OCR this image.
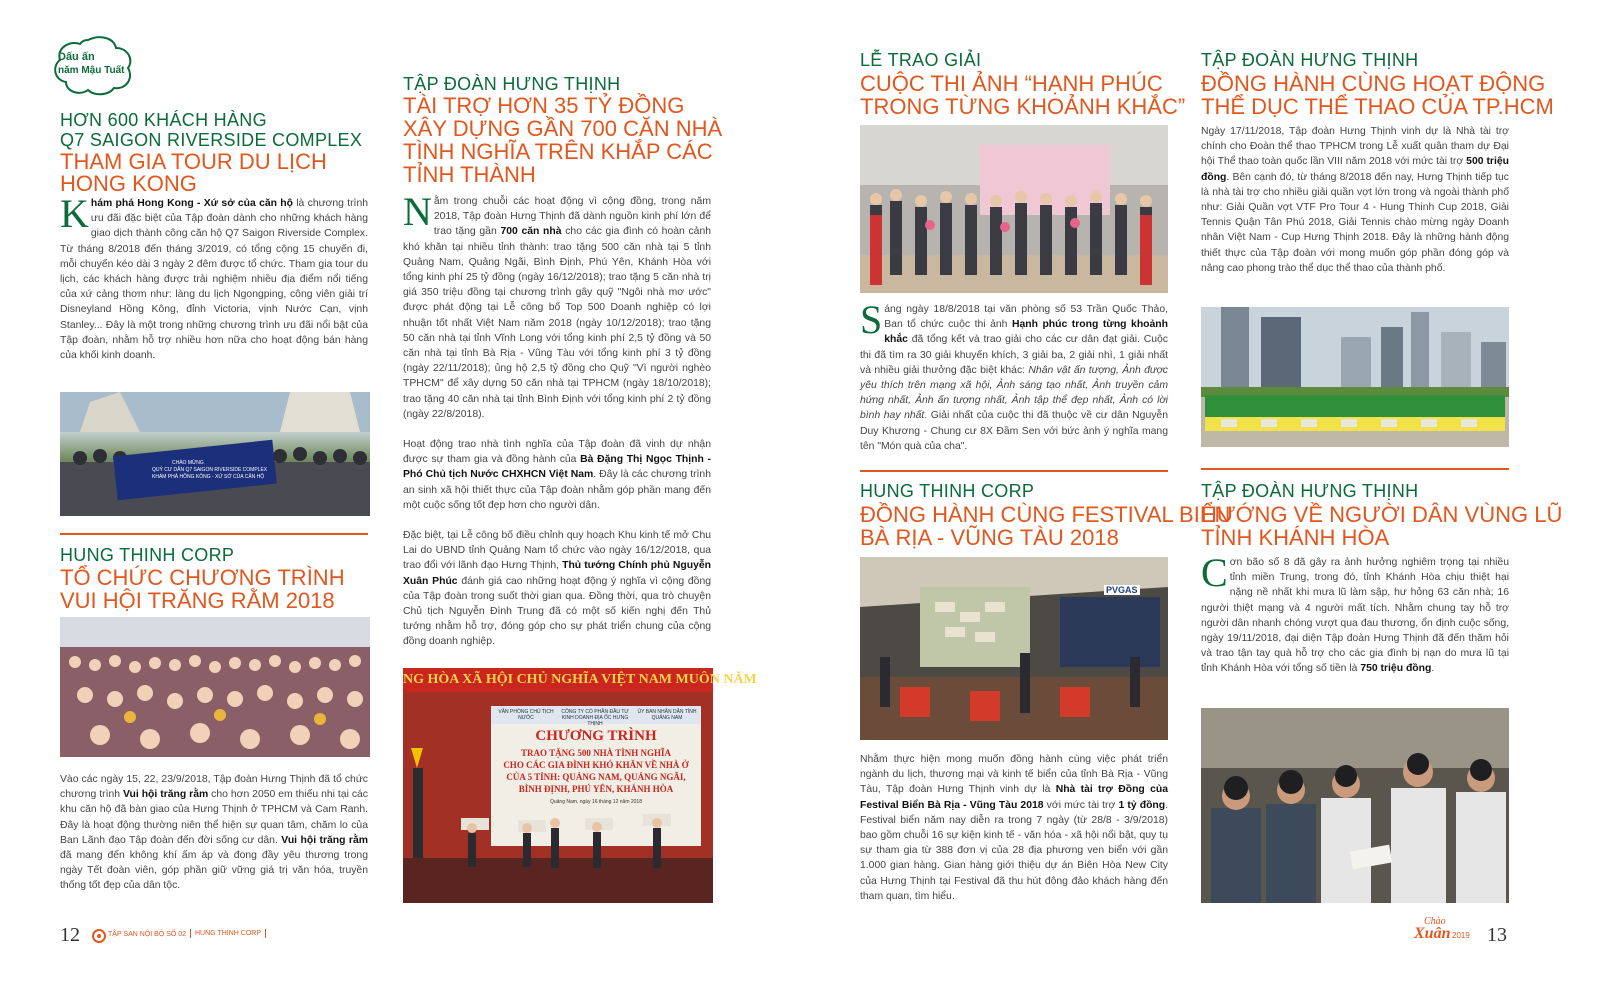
Dấu ấn
năm Mậu Tuất
HƠN 600 KHÁCH HÀNG
Q7 SAIGON RIVERSIDE COMPLEX
THAM GIA TOUR DU LỊCH
HONG KONG
Khám phá Hong Kong - Xứ sở của căn hộ là chương trình ưu đãi đặc biệt của Tập đoàn dành cho những khách hàng giao dịch thành công căn hộ Q7 Saigon Riverside Complex. Từ tháng 8/2018 đến tháng 3/2019, có tổng cộng 15 chuyến đi, mỗi chuyến kéo dài 3 ngày 2 đêm được tổ chức. Tham gia tour du lịch, các khách hàng được trải nghiệm nhiều địa điểm nổi tiếng của xứ cảng thơm như: làng du lịch Ngongping, công viên giải trí Disneyland Hồng Kông, đỉnh Victoria, vịnh Nước Cạn, vịnh Stanley... Đây là một trong những chương trình ưu đãi nổi bật của Tập đoàn, nhằm hỗ trợ nhiều hơn nữa cho hoạt động bán hàng của khối kinh doanh.
CHÀO MỪNG
QUÝ CƯ DÂN Q7 SAIGON RIVERSIDE COMPLEX
KHÁM PHÁ HỒNG KÔNG - XỨ SỞ CỦA CĂN HỘ
HUNG THINH CORP
TỔ CHỨC CHƯƠNG TRÌNH
VUI HỘI TRĂNG RẰM 2018
Vào các ngày 15, 22, 23/9/2018, Tập đoàn Hưng Thịnh đã tổ chức chương trình Vui hội trăng rằm cho hơn 2050 em thiếu nhi tại các khu căn hộ đã bàn giao của Hưng Thịnh ở TPHCM và Cam Ranh. Đây là hoạt động thường niên thể hiện sự quan tâm, chăm lo của Ban Lãnh đạo Tập đoàn đến đời sống cư dân. Vui hội trăng rằm đã mang đến không khí ấm áp và đong đầy yêu thương trong ngày Tết đoàn viên, góp phần giữ vững giá trị văn hóa, truyền thống tốt đẹp của dân tộc.
TẬP ĐOÀN HƯNG THỊNH
TÀI TRỢ HƠN 35 TỶ ĐỒNG
XÂY DỰNG GẦN 700 CĂN NHÀ
TÌNH NGHĨA TRÊN KHẮP CÁC
TỈNH THÀNH

Nằm trong chuỗi các hoạt động vì cộng đồng, trong năm 2018, Tập đoàn Hưng Thịnh đã dành nguồn kinh phí lớn để trao tặng gần 700 căn nhà cho các gia đình có hoàn cảnh khó khăn tại nhiều tỉnh thành: trao tặng 500 căn nhà tại 5 tỉnh Quảng Nam, Quảng Ngãi, Bình Định, Phú Yên, Khánh Hòa với tổng kinh phí 25 tỷ đồng (ngày 16/12/2018); trao tặng 5 căn nhà trị giá 350 triệu đồng tại chương trình gây quỹ "Ngôi nhà mơ ước" được phát động tại Lễ công bố Top 500 Doanh nghiệp có lợi nhuận tốt nhất Việt Nam năm 2018 (ngày 10/12/2018); trao tặng 50 căn nhà tại tỉnh Vĩnh Long với tổng kinh phí 2,5 tỷ đồng và 50 căn nhà tại tỉnh Bà Rịa - Vũng Tàu với tổng kinh phí 3 tỷ đồng (ngày 22/11/2018); ủng hộ 2,5 tỷ đồng cho Quỹ "Vì người nghèo TPHCM" để xây dựng 50 căn nhà tại TPHCM (ngày 18/10/2018); trao tặng 40 căn nhà tại tỉnh Bình Định với tổng kinh phí 2 tỷ đồng (ngày 22/8/2018).

Hoạt động trao nhà tình nghĩa của Tập đoàn đã vinh dự nhận được sự tham gia và đồng hành của Bà Đặng Thị Ngọc Thịnh - Phó Chủ tịch Nước CHXHCN Việt Nam. Đây là các chương trình an sinh xã hội thiết thực của Tập đoàn nhằm góp phần mang đến một cuộc sống tốt đẹp hơn cho người dân.

Đặc biệt, tại Lễ công bố điều chỉnh quy hoạch Khu kinh tế mở Chu Lai do UBND tỉnh Quảng Nam tổ chức vào ngày 16/12/2018, qua trao đổi với lãnh đạo Hưng Thịnh, Thủ tướng Chính phủ Nguyễn Xuân Phúc đánh giá cao những hoạt động ý nghĩa vì cộng đồng của Tập đoàn trong suốt thời gian qua. Đồng thời, qua trò chuyện Chủ tịch Nguyễn Đình Trung đã có một số kiến nghị đến Thủ tướng nhằm hỗ trợ, đóng góp cho sự phát triển chung của cộng đồng doanh nghiệp.

NG HÒA XÃ HỘI CHỦ NGHĨA VIỆT NAM MUÔN NĂM
VĂN PHÒNG CHỦ TỊCH NƯỚC
CÔNG TY CỔ PHẦN ĐẦU TƯ KINH DOANH ĐỊA ỐC HƯNG THỊNH
ỦY BAN NHÂN DÂN TỈNH QUẢNG NAM
CHƯƠNG TRÌNH
TRAO TẶNG 500 NHÀ TÌNH NGHĨA
CHO CÁC GIA ĐÌNH KHÓ KHĂN VỀ NHÀ Ở
CỦA 5 TỈNH: QUẢNG NAM, QUẢNG NGÃI,
BÌNH ĐỊNH, PHÚ YÊN, KHÁNH HÒA
Quảng Nam, ngày 16 tháng 12 năm 2018
12	TẬP SAN NỘI BỘ SỐ 02	HUNG THINH CORP
LỄ TRAO GIẢI
CUỘC THI ẢNH “HẠNH PHÚC
TRONG TỪNG KHOẢNH KHẮC”
Sáng ngày 18/8/2018 tại văn phòng số 53 Trần Quốc Thảo, Ban tổ chức cuộc thi ảnh Hạnh phúc trong từng khoảnh khắc đã tổng kết và trao giải cho các cư dân đạt giải. Cuộc thi đã tìm ra 30 giải khuyến khích, 3 giải ba, 2 giải nhì, 1 giải nhất và nhiều giải thưởng đặc biệt khác: Nhân vật ấn tượng, Ảnh được yêu thích trên mạng xã hội, Ảnh sáng tạo nhất, Ảnh truyền cảm hứng nhất, Ảnh ấn tượng nhất, Ảnh tập thể đẹp nhất, Ảnh có lời bình hay nhất. Giải nhất của cuộc thi đã thuộc về cư dân Nguyễn Duy Khương - Chung cư 8X Đầm Sen với bức ảnh ý nghĩa mang tên "Món quà của cha".
HUNG THINH CORP
ĐỒNG HÀNH CÙNG FESTIVAL BIỂN
BÀ RỊA - VŨNG TÀU 2018
PVGAS
Nhằm thực hiện mong muốn đồng hành cùng việc phát triển ngành du lịch, thương mại và kinh tế biển của tỉnh Bà Rịa - Vũng Tàu, Tập đoàn Hưng Thịnh vinh dự là Nhà tài trợ Đồng của Festival Biển Bà Rịa - Vũng Tàu 2018 với mức tài trợ 1 tỷ đồng. Festival biển năm nay diễn ra trong 7 ngày (từ 28/8 - 3/9/2018) bao gồm chuỗi 16 sự kiện kinh tế - văn hóa - xã hội nổi bật, quy tụ sự tham gia từ 388 đơn vị của 28 địa phương ven biển với gần 1.000 gian hàng. Gian hàng giới thiệu dự án Biên Hòa New City của Hưng Thịnh tại Festival đã thu hút đông đảo khách hàng đến tham quan, tìm hiểu.
TẬP ĐOÀN HƯNG THỊNH
ĐỒNG HÀNH CÙNG HOẠT ĐỘNG
THỂ DỤC THỂ THAO CỦA TP.HCM
Ngày 17/11/2018, Tập đoàn Hưng Thịnh vinh dự là Nhà tài trợ chính cho Đoàn thể thao TPHCM trong Lễ xuất quân tham dự Đại hội Thể thao toàn quốc lần VIII năm 2018 với mức tài trợ 500 triệu đồng. Bên cạnh đó, từ tháng 8/2018 đến nay, Hưng Thịnh tiếp tục là nhà tài trợ cho nhiều giải quần vợt lớn trong và ngoài thành phố như: Giải Quần vợt VTF Pro Tour 4 - Hung Thinh Cup 2018, Giải Tennis Quận Tân Phú 2018, Giải Tennis chào mừng ngày Doanh nhân Việt Nam - Cup Hưng Thịnh 2018. Đây là những hành động thiết thực của Tập đoàn với mong muốn góp phần đóng góp và nâng cao phong trào thể dục thể thao của thành phố.
TẬP ĐOÀN HƯNG THỊNH
HƯỚNG VỀ NGƯỜI DÂN VÙNG LŨ
TỈNH KHÁNH HÒA
Cơn bão số 8 đã gây ra ảnh hưởng nghiêm trọng tại nhiều tỉnh miền Trung, trong đó, tỉnh Khánh Hòa chịu thiệt hại nặng nề nhất khi mưa lũ làm sập, hư hỏng 63 căn nhà; 16 người thiệt mạng và 4 người mất tích. Nhằm chung tay hỗ trợ người dân nhanh chóng vượt qua đau thương, ổn định cuộc sống, ngày 19/11/2018, đại diện Tập đoàn Hưng Thịnh đã đến thăm hỏi và trao tận tay quà hỗ trợ cho các gia đình bị nạn do mưa lũ tại tỉnh Khánh Hòa với tổng số tiền là 750 triệu đồng.
Chào
Xuân 2019 13
